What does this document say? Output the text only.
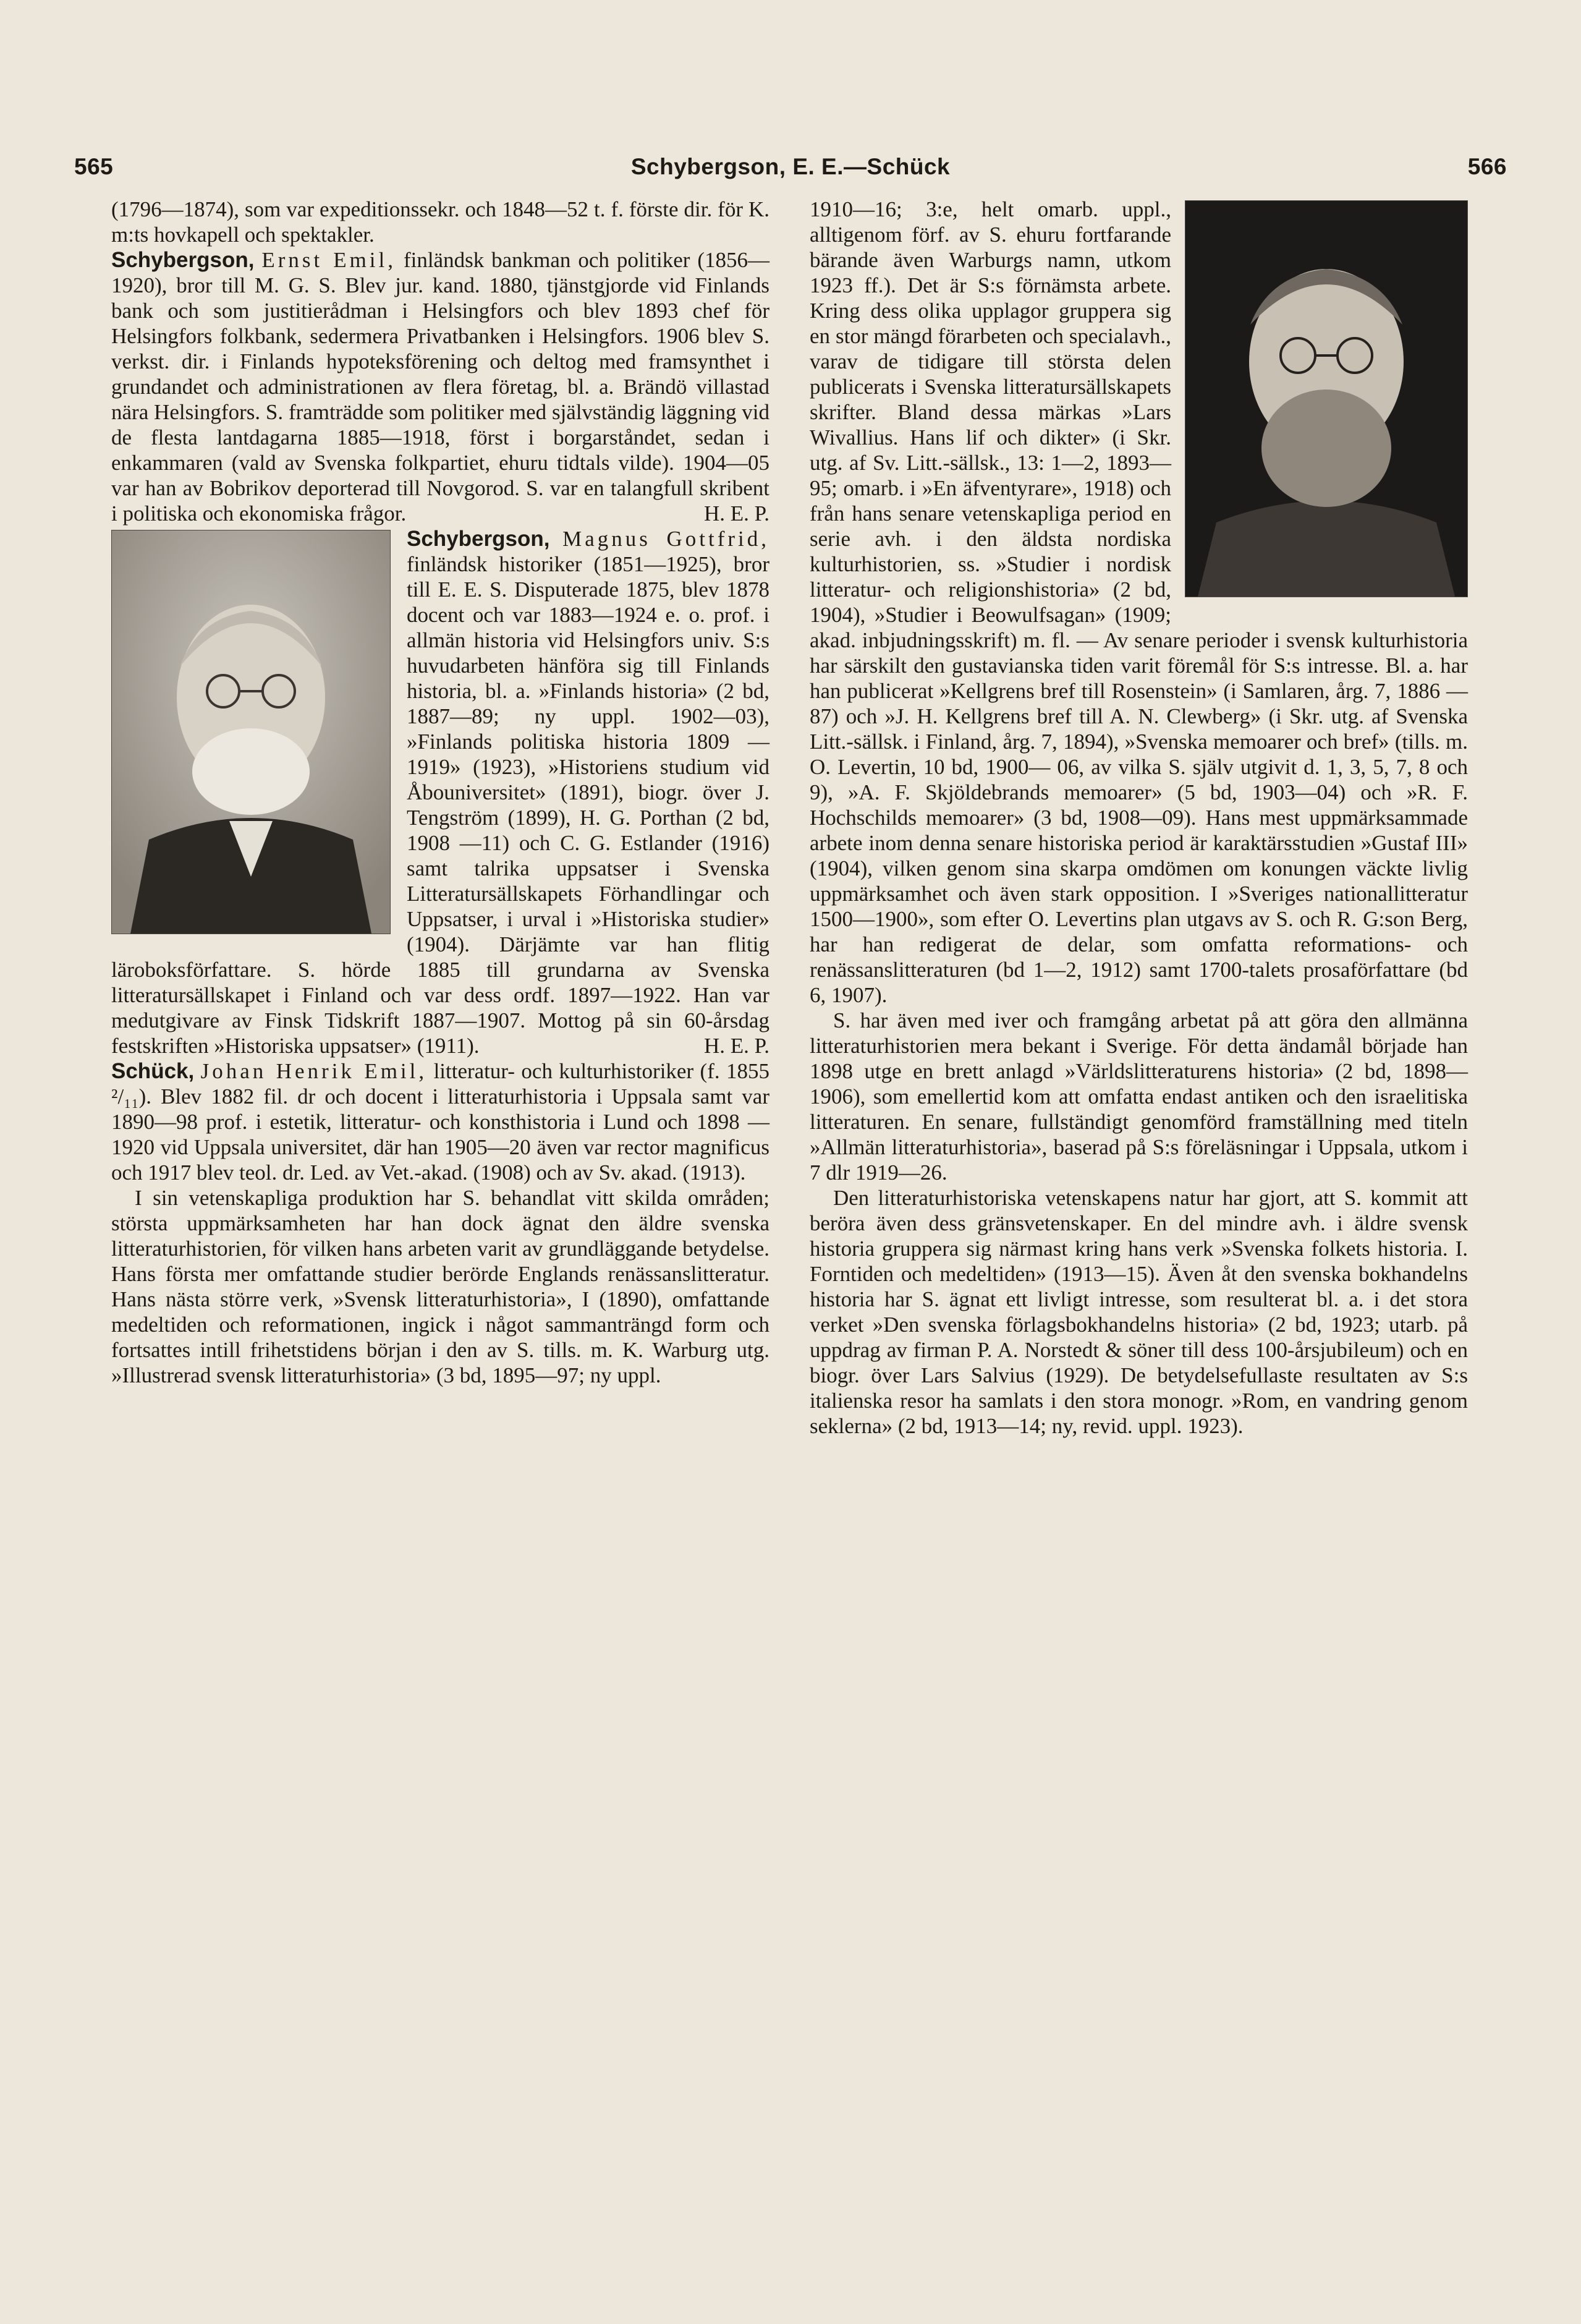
565	Schybergson, E. E.—Schück	566

(1796—1874), som var expeditionssekr. och 1848—52 t. f. förste dir. för K. m:ts hovkapell och spektakler.

Schybergson, Ernst Emil, finländsk bankman och politiker (1856—1920), bror till M. G. S. Blev jur. kand. 1880, tjänstgjorde vid Finlands bank och som justitierådman i Helsingfors och blev 1893 chef för Helsingfors folkbank, sedermera Privatbanken i Helsingfors. 1906 blev S. verkst. dir. i Finlands hypoteksförening och deltog med framsynthet i grundandet och administrationen av flera företag, bl. a. Brändö villastad nära Helsingfors. S. framträdde som politiker med självständig läggning vid de flesta lantdagarna 1885—1918, först i borgarståndet, sedan i enkammaren (vald av Svenska folkpartiet, ehuru tidtals vilde). 1904—05 var han av Bobrikov deporterad till Novgorod. S. var en talangfull skribent i politiska och ekonomiska frågor.	H. E. P.

Schybergson, Magnus Gottfrid,
finländsk historiker (1851—1925), bror till E. E. S. Disputerade 1875, blev 1878 docent och var 1883—1924 e. o. prof. i allmän historia vid Helsingfors univ. S:s huvudarbeten hänföra sig till Finlands historia, bl. a. »Finlands historia» (2 bd, 1887—89; ny uppl. 1902—03), »Finlands politiska historia 1809 —1919» (1923), »Historiens studium vid Åbouniversitet» (1891), biogr. över J. Tengström (1899), H. G. Porthan (2 bd, 1908 —11) och C. G. Estlander (1916) samt talrika uppsatser i Svenska Litteratursällskapets Förhandlingar och Uppsatser, i urval i »Historiska studier» (1904). Därjämte var han flitig läroboksförfattare. S. hörde 1885 till grundarna av Svenska litteratursällskapet i Finland och var dess ordf. 1897—1922. Han var medutgivare av Finsk Tidskrift 1887—1907. Mottog på sin 60-årsdag festskriften »Historiska uppsatser» (1911).	H. E. P.

Schück, Johan Henrik Emil, litteratur- och kulturhistoriker (f. 1855 ²/₁₁). Blev 1882 fil. dr och docent i litteraturhistoria i Uppsala samt var 1890—98 prof. i estetik, litteratur- och konsthistoria i Lund och 1898 —1920 vid Uppsala universitet, där han 1905—20 även var rector magnificus och 1917 blev teol. dr. Led. av Vet.-akad. (1908) och av Sv. akad. (1913).

I sin vetenskapliga produktion har S. behandlat vitt skilda områden; största uppmärksamheten har han dock ägnat den äldre svenska litteraturhistorien, för vilken hans arbeten varit av grundläggande betydelse. Hans första mer omfattande studier berörde Englands renässanslitteratur. Hans nästa större verk, »Svensk litteraturhistoria», I (1890), omfattande medeltiden och reformationen, ingick i något sammanträngd form och fortsattes intill frihetstidens början i den av S. tills. m. K. Warburg utg. »Illustrerad svensk litteraturhistoria» (3 bd, 1895—97; ny uppl.

1910—16; 3:e, helt omarb. uppl., alltigenom förf. av S. ehuru fortfarande bärande även Warburgs namn, utkom 1923 ff.). Det är S:s förnämsta arbete. Kring dess olika upplagor gruppera sig en stor mängd förarbeten och specialavh., varav de tidigare till största delen publicerats i Svenska litteratursällskapets skrifter. Bland dessa märkas »Lars Wivallius. Hans lif och dikter» (i Skr. utg. af Sv. Litt.-sällsk., 13: 1—2, 1893—95; omarb. i »En äfventyrare», 1918) och från hans senare vetenskapliga period en serie avh. i den äldsta nordiska kulturhistorien, ss. »Studier i nordisk litteratur- och religionshistoria» (2 bd, 1904), »Studier i Beowulfsagan» (1909; akad. inbjudningsskrift) m. fl. — Av senare perioder i svensk kulturhistoria har särskilt den gustavianska tiden varit föremål för S:s intresse. Bl. a. har han publicerat »Kellgrens bref till Rosenstein» (i Samlaren, årg. 7, 1886 —87) och »J. H. Kellgrens bref till A. N. Clewberg» (i Skr. utg. af Svenska Litt.-sällsk. i Finland, årg. 7, 1894), »Svenska memoarer och bref» (tills. m. O. Levertin, 10 bd, 1900— 06, av vilka S. själv utgivit d. 1, 3, 5, 7, 8 och 9), »A. F. Skjöldebrands memoarer» (5 bd, 1903—04) och »R. F. Hochschilds memoarer» (3 bd, 1908—09). Hans mest uppmärksammade arbete inom denna senare historiska period är karaktärsstudien »Gustaf III» (1904), vilken genom sina skarpa omdömen om konungen väckte livlig uppmärksamhet och även stark opposition. I »Sveriges nationallitteratur 1500—1900», som efter O. Levertins plan utgavs av S. och R. G:son Berg, har han redigerat de delar, som omfatta reformations- och renässanslitteraturen (bd 1—2, 1912) samt 1700-talets prosaförfattare (bd 6, 1907).

S. har även med iver och framgång arbetat på att göra den allmänna litteraturhistorien mera bekant i Sverige. För detta ändamål började han 1898 utge en brett anlagd »Världslitteraturens historia» (2 bd, 1898—1906), som emellertid kom att omfatta endast antiken och den israelitiska litteraturen. En senare, fullständigt genomförd framställning med titeln »Allmän litteraturhistoria», baserad på S:s föreläsningar i Uppsala, utkom i 7 dlr 1919—26.

Den litteraturhistoriska vetenskapens natur har gjort, att S. kommit att beröra även dess gränsvetenskaper. En del mindre avh. i äldre svensk historia gruppera sig närmast kring hans verk »Svenska folkets historia. I. Forntiden och medeltiden» (1913—15). Även åt den svenska bokhandelns historia har S. ägnat ett livligt intresse, som resulterat bl. a. i det stora verket »Den svenska förlagsbokhandelns historia» (2 bd, 1923; utarb. på uppdrag av firman P. A. Norstedt & söner till dess 100-årsjubileum) och en biogr. över Lars Salvius (1929). De betydelsefullaste resultaten av S:s italienska resor ha samlats i den stora monogr. »Rom, en vandring genom seklerna» (2 bd, 1913—14; ny, revid. uppl. 1923).
